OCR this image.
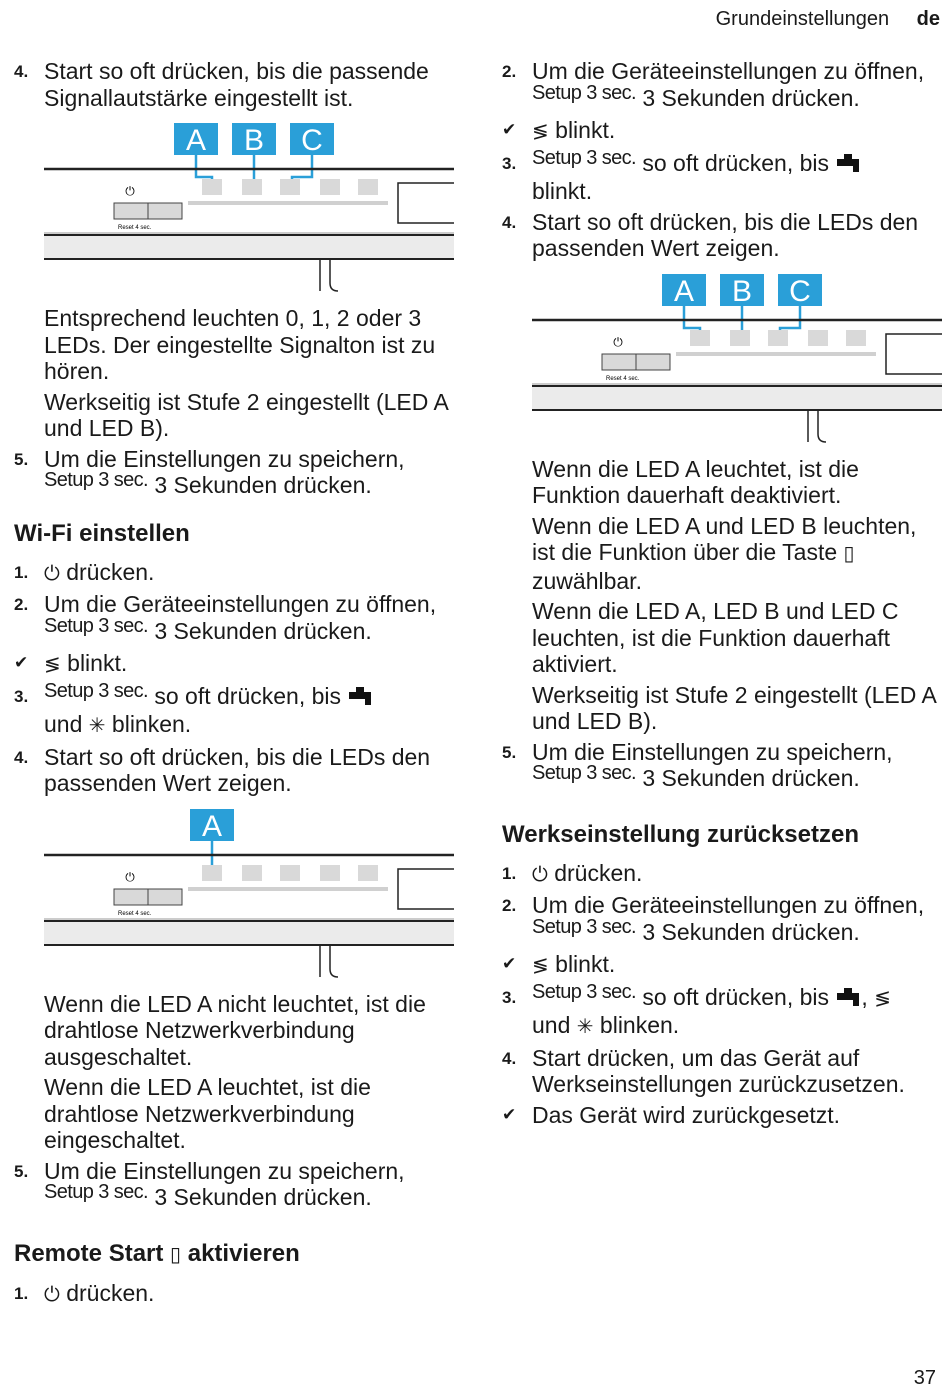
Grundeinstellungen de
4. Start so oft drücken, bis die passende Signallautstärke eingestellt ist.
A B C
⏻
Reset 4 sec.
Entsprechend leuchten 0, 1, 2 oder 3 LEDs. Der eingestellte Signalton ist zu hören.
Werkseitig ist Stufe 2 eingestellt (LED A und LED B).
5. Um die Einstellungen zu speichern,
Setup 3 sec. 3 Sekunden drücken.
Wi-Fi einstellen
1. ⏻ drücken.
2. Um die Geräteeinstellungen zu öffnen, Setup 3 sec. 3 Sekunden drücken.
✔ ≶ blinkt.
3. Setup 3 sec. so oft drücken, bis
und ✳ blinken.
4. Start so oft drücken, bis die LEDs den passenden Wert zeigen.
A
⏻
Reset 4 sec.
Wenn die LED A nicht leuchtet, ist die drahtlose Netzwerkverbindung ausgeschaltet.
Wenn die LED A leuchtet, ist die drahtlose Netzwerkverbindung eingeschaltet.
5. Um die Einstellungen zu speichern,
Setup 3 sec. 3 Sekunden drücken.
Remote Start ▯ aktivieren
1. ⏻ drücken.
2. Um die Geräteeinstellungen zu öffnen, Setup 3 sec. 3 Sekunden drücken.
✔ ≶ blinkt.
3. Setup 3 sec. so oft drücken, bis
blinkt.
4. Start so oft drücken, bis die LEDs den passenden Wert zeigen.
A B C
⏻
Reset 4 sec.
Wenn die LED A leuchtet, ist die Funktion dauerhaft deaktiviert.
Wenn die LED A und LED B leuchten, ist die Funktion über die Taste ▯ zuwählbar.
Wenn die LED A, LED B und LED C leuchten, ist die Funktion dauerhaft aktiviert.
Werkseitig ist Stufe 2 eingestellt (LED A und LED B).
5. Um die Einstellungen zu speichern,
Setup 3 sec. 3 Sekunden drücken.
Werkseinstellung zurücksetzen
1. ⏻ drücken.
2. Um die Geräteeinstellungen zu öffnen, Setup 3 sec. 3 Sekunden drücken.
✔ ≶ blinkt.
3. Setup 3 sec. so oft drücken, bis , ≶
und ✳ blinken.
4. Start drücken, um das Gerät auf Werkseinstellungen zurückzusetzen.
✔ Das Gerät wird zurückgesetzt.
37
